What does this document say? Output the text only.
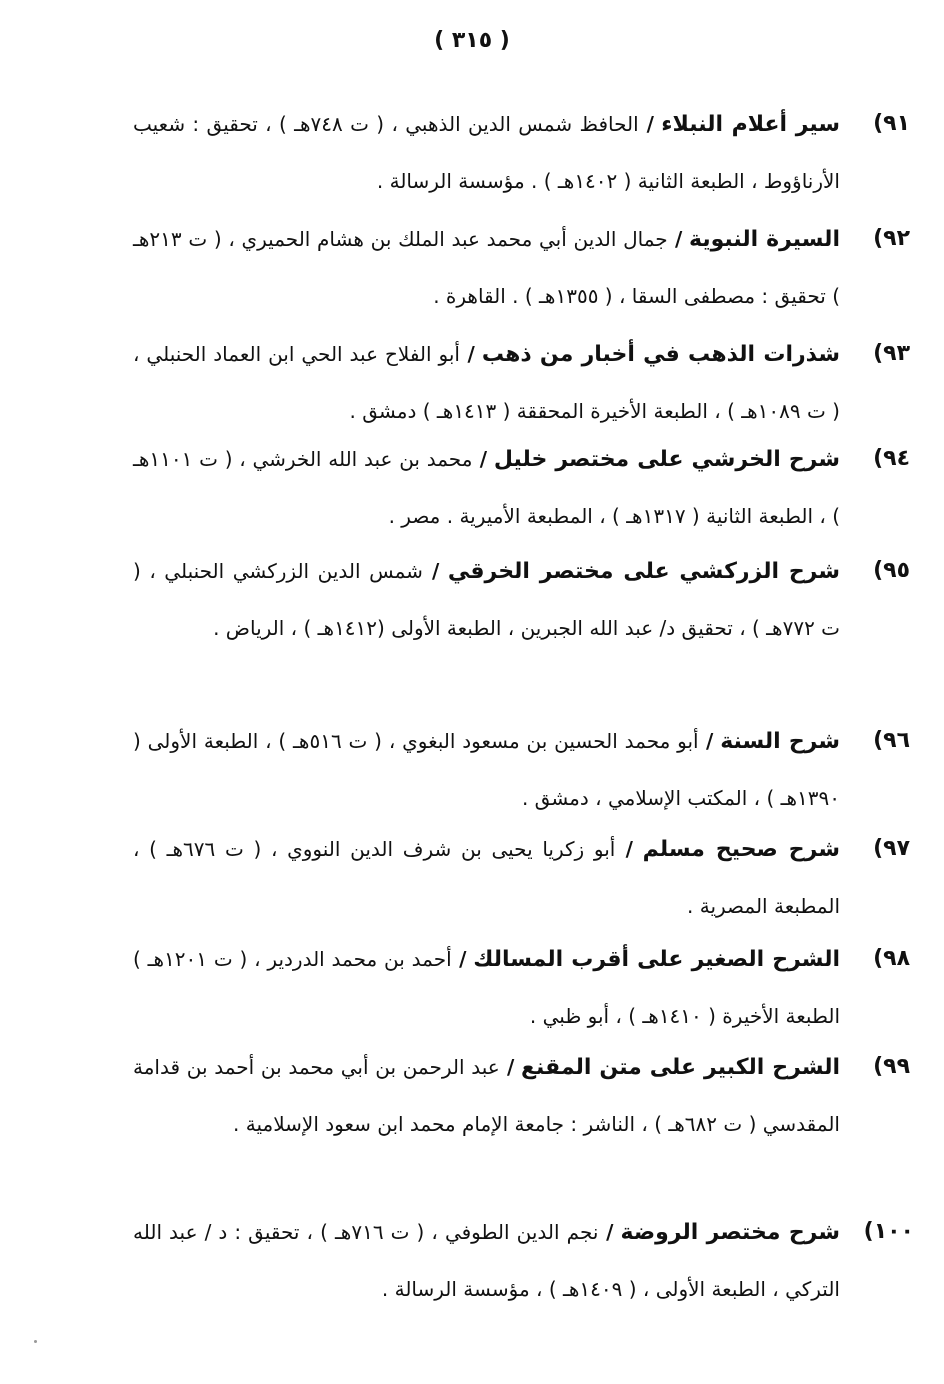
( ٣١٥ )
٩١)
سير أعلام النبلاء / الحافظ شمس الدين الذهبي ، ( ت ٧٤٨هـ ) ، تحقيق : شعيب الأرناؤوط ، الطبعة الثانية ( ١٤٠٢هـ ) . مؤسسة الرسالة .
٩٢)
السيرة النبوية / جمال الدين أبي محمد عبد الملك بن هشام الحميري ، ( ت ٢١٣هـ ) تحقيق : مصطفى السقا ، ( ١٣٥٥هـ ) . القاهرة .
٩٣)
شذرات الذهب في أخبار من ذهب / أبو الفلاح عبد الحي ابن العماد الحنبلي ، ( ت ١٠٨٩هـ ) ، الطبعة الأخيرة المحققة ( ١٤١٣هـ ) دمشق .
٩٤)
شرح الخرشي على مختصر خليل / محمد بن عبد الله الخرشي ، ( ت ١١٠١هـ ) ، الطبعة الثانية ( ١٣١٧هـ ) ، المطبعة الأميرية . مصر .
٩٥)
شرح الزركشي على مختصر الخرقي / شمس الدين الزركشي الحنبلي ، ( ت ٧٧٢هـ ) ، تحقيق د/ عبد الله الجبرين ، الطبعة الأولى (١٤١٢هـ ) ، الرياض .
٩٦)
شرح السنة / أبو محمد الحسين بن مسعود البغوي ، ( ت ٥١٦هـ ) ، الطبعة الأولى ( ١٣٩٠هـ ) ، المكتب الإسلامي ، دمشق .
٩٧)
شرح صحيح مسلم / أبو زكريا يحيى بن شرف الدين النووي ، ( ت ٦٧٦هـ ) ، المطبعة المصرية .
٩٨)
الشرح الصغير على أقرب المسالك / أحمد بن محمد الدردير ، ( ت ١٢٠١هـ ) الطبعة الأخيرة ( ١٤١٠هـ ) ، أبو ظبي .
٩٩)
الشرح الكبير على متن المقنع / عبد الرحمن بن أبي محمد بن أحمد بن قدامة المقدسي ( ت ٦٨٢هـ ) ، الناشر : جامعة الإمام محمد ابن سعود الإسلامية .
١٠٠)
شرح مختصر الروضة / نجم الدين الطوفي ، ( ت ٧١٦هـ ) ، تحقيق : د / عبد الله التركي ، الطبعة الأولى ، ( ١٤٠٩هـ ) ، مؤسسة الرسالة .
